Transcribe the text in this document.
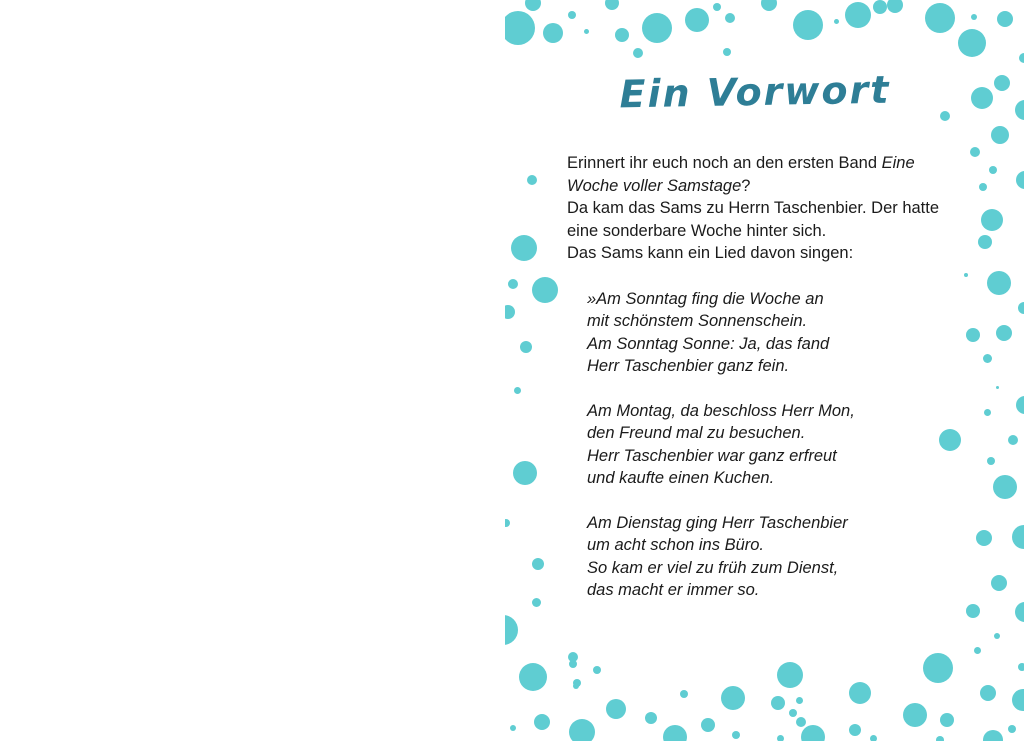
Ein Vorwort

Erinnert ihr euch noch an den ersten Band Eine Woche voller Samstage?

Da kam das Sams zu Herrn Taschenbier. Der hatte eine sonderbare Woche hinter sich.

Das Sams kann ein Lied davon singen:

»Am Sonntag fing die Woche an
mit schönstem Sonnenschein.
Am Sonntag Sonne: Ja, das fand
Herr Taschenbier ganz fein.
Am Montag, da beschloss Herr Mon,
den Freund mal zu besuchen.
Herr Taschenbier war ganz erfreut
und kaufte einen Kuchen.
Am Dienstag ging Herr Taschenbier
um acht schon ins Büro.
So kam er viel zu früh zum Dienst,
das macht er immer so.
